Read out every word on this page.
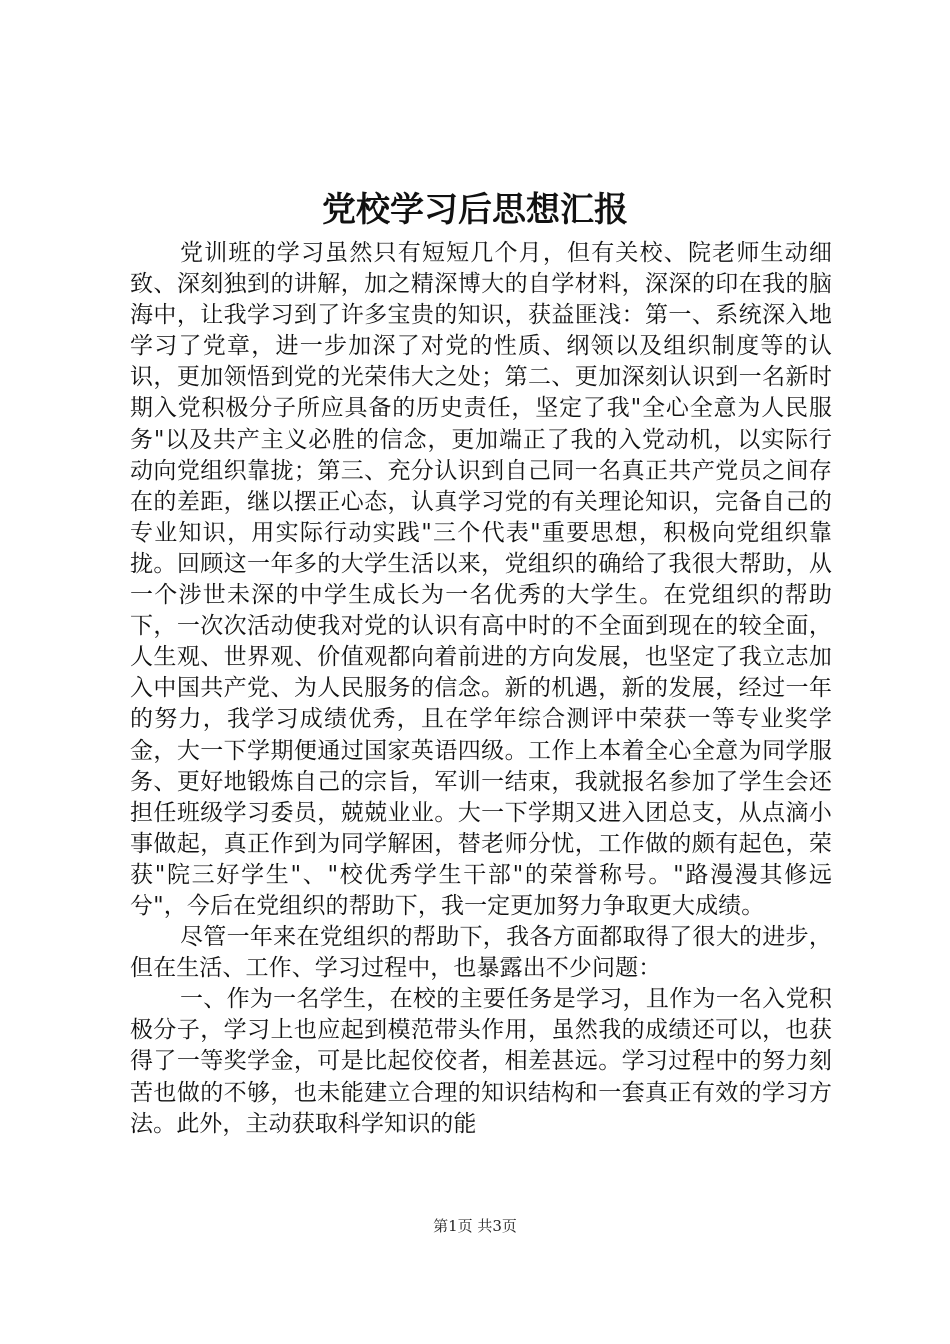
党校学习后思想汇报

党训班的学习虽然只有短短几个月，但有关校、院老师生动细致、深刻独到的讲解，加之精深博大的自学材料，深深的印在我的脑海中，让我学习到了许多宝贵的知识，获益匪浅：第一、系统深入地学习了党章，进一步加深了对党的性质、纲领以及组织制度等的认识，更加领悟到党的光荣伟大之处；第二、更加深刻认识到一名新时期入党积极分子所应具备的历史责任，坚定了我"全心全意为人民服务"以及共产主义必胜的信念，更加端正了我的入党动机，以实际行动向党组织靠拢；第三、充分认识到自己同一名真正共产党员之间存在的差距，继以摆正心态，认真学习党的有关理论知识，完备自己的专业知识，用实际行动实践"三个代表"重要思想，积极向党组织靠拢。回顾这一年多的大学生活以来，党组织的确给了我很大帮助，从一个涉世未深的中学生成长为一名优秀的大学生。在党组织的帮助下，一次次活动使我对党的认识有高中时的不全面到现在的较全面，人生观、世界观、价值观都向着前进的方向发展，也坚定了我立志加入中国共产党、为人民服务的信念。新的机遇，新的发展，经过一年的努力，我学习成绩优秀，且在学年综合测评中荣获一等专业奖学金，大一下学期便通过国家英语四级。工作上本着全心全意为同学服务、更好地锻炼自己的宗旨，军训一结束，我就报名参加了学生会还担任班级学习委员，兢兢业业。大一下学期又进入团总支，从点滴小事做起，真正作到为同学解困，替老师分忧，工作做的颇有起色，荣获"院三好学生"、"校优秀学生干部"的荣誉称号。"路漫漫其修远兮"，今后在党组织的帮助下，我一定更加努力争取更大成绩。

尽管一年来在党组织的帮助下，我各方面都取得了很大的进步，但在生活、工作、学习过程中，也暴露出不少问题：

一、作为一名学生，在校的主要任务是学习，且作为一名入党积极分子，学习上也应起到模范带头作用，虽然我的成绩还可以，也获得了一等奖学金，可是比起佼佼者，相差甚远。学习过程中的努力刻苦也做的不够，也未能建立合理的知识结构和一套真正有效的学习方法。此外，主动获取科学知识的能

第1页 共3页
